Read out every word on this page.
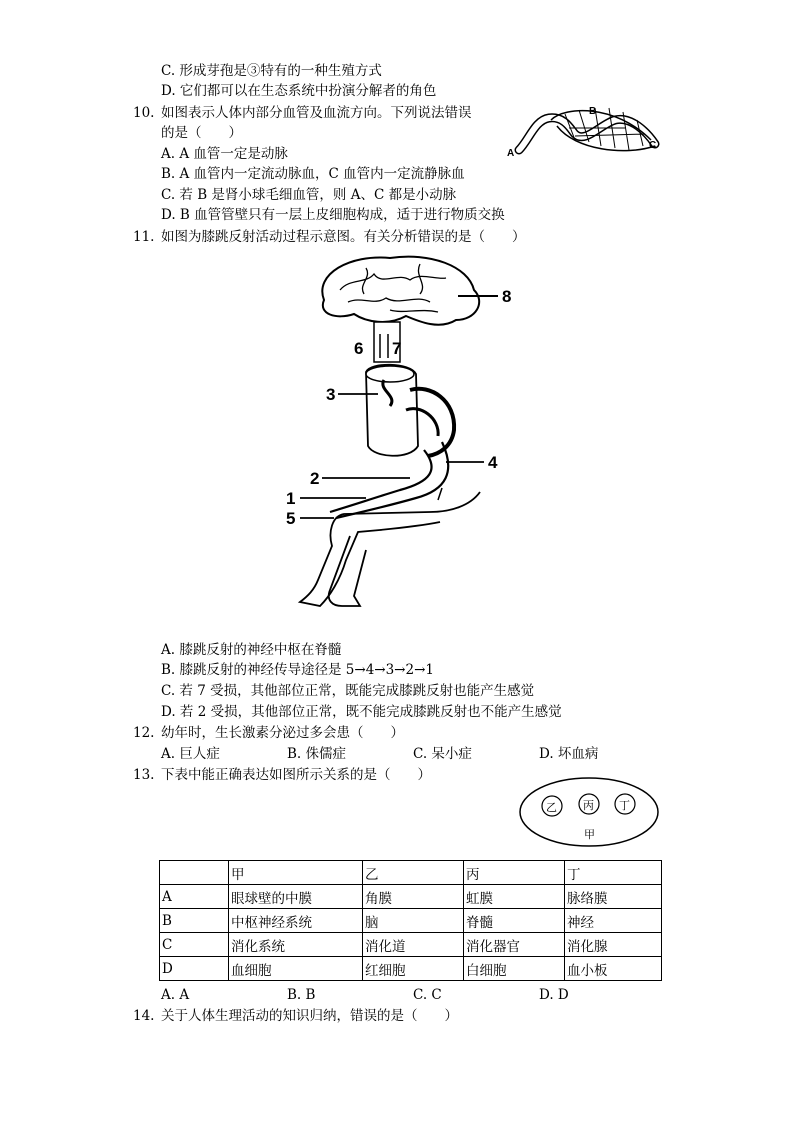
C. 形成芽孢是③特有的一种生殖方式
D. 它们都可以在生态系统中扮演分解者的角色
10. 如图表示人体内部分血管及血流方向。下列说法错误
的是（　　）
A. A 血管一定是动脉
B. A 血管内一定流动脉血，C 血管内一定流静脉血
C. 若 B 是肾小球毛细血管，则 A、C 都是小动脉
D. B 血管管壁只有一层上皮细胞构成，适于进行物质交换
A
B
C
11. 如图为膝跳反射活动过程示意图。有关分析错误的是（　　）
8
6 7
3
2
4
1
5
A. 膝跳反射的神经中枢在脊髓
B. 膝跳反射的神经传导途径是 5→4→3→2→1
C. 若 7 受损，其他部位正常，既能完成膝跳反射也能产生感觉
D. 若 2 受损，其他部位正常，既不能完成膝跳反射也不能产生感觉
12. 幼年时，生长激素分泌过多会患（　　）
A. 巨人症	B. 侏儒症	C. 呆小症	D. 坏血病
13. 下表中能正确表达如图所示关系的是（　　）
乙 丙 丁
甲
	甲	乙	丙	丁
A	眼球壁的中膜	角膜	虹膜	脉络膜
B	中枢神经系统	脑	脊髓	神经
C	消化系统	消化道	消化器官	消化腺
D	血细胞	红细胞	白细胞	血小板
A. A	B. B	C. C	D. D
14. 关于人体生理活动的知识归纳，错误的是（　　）
